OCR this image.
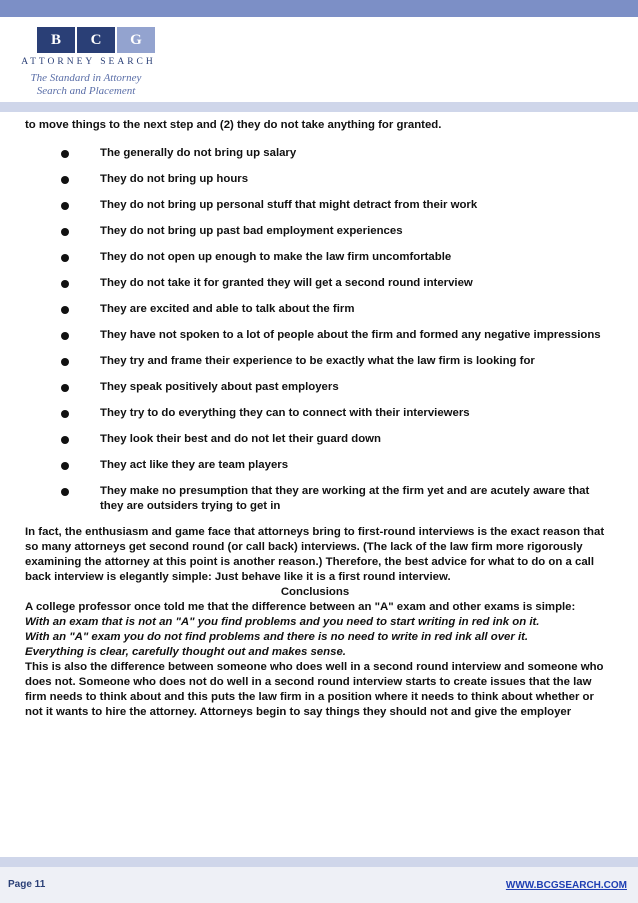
B	C	G
ATTORNEY SEARCH
The Standard in Attorney
Search and Placement

to move things to the next step and (2) they do not take anything for granted.

The generally do not bring up salary
They do not bring up hours
They do not bring up personal stuff that might detract from their work
They do not bring up past bad employment experiences
They do not open up enough to make the law firm uncomfortable
They do not take it for granted they will get a second round interview
They are excited and able to talk about the firm
They have not spoken to a lot of people about the firm and formed any negative impressions
They try and frame their experience to be exactly what the law firm is looking for
They speak positively about past employers
They try to do everything they can to connect with their interviewers
They look their best and do not let their guard down
They act like they are team players
They make no presumption that they are working at the firm yet and are acutely aware that they are outsiders trying to get in

In fact, the enthusiasm and game face that attorneys bring to first-round interviews is the exact reason that so many attorneys get second round (or call back) interviews. (The lack of the law firm more rigorously examining the attorney at this point is another reason.) Therefore, the best advice for what to do on a call back interview is elegantly simple: Just behave like it is a first round interview.

Conclusions

A college professor once told me that the difference between an "A" exam and other exams is simple:

With an exam that is not an "A" you find problems and you need to start writing in red ink on it. With an "A" exam you do not find problems and there is no need to write in red ink all over it. Everything is clear, carefully thought out and makes sense.

This is also the difference between someone who does well in a second round interview and someone who does not. Someone who does not do well in a second round interview starts to create issues that the law firm needs to think about and this puts the law firm in a position where it needs to think about whether or not it wants to hire the attorney. Attorneys begin to say things they should not and give the employer

Page 11	WWW.BCGSEARCH.COM
